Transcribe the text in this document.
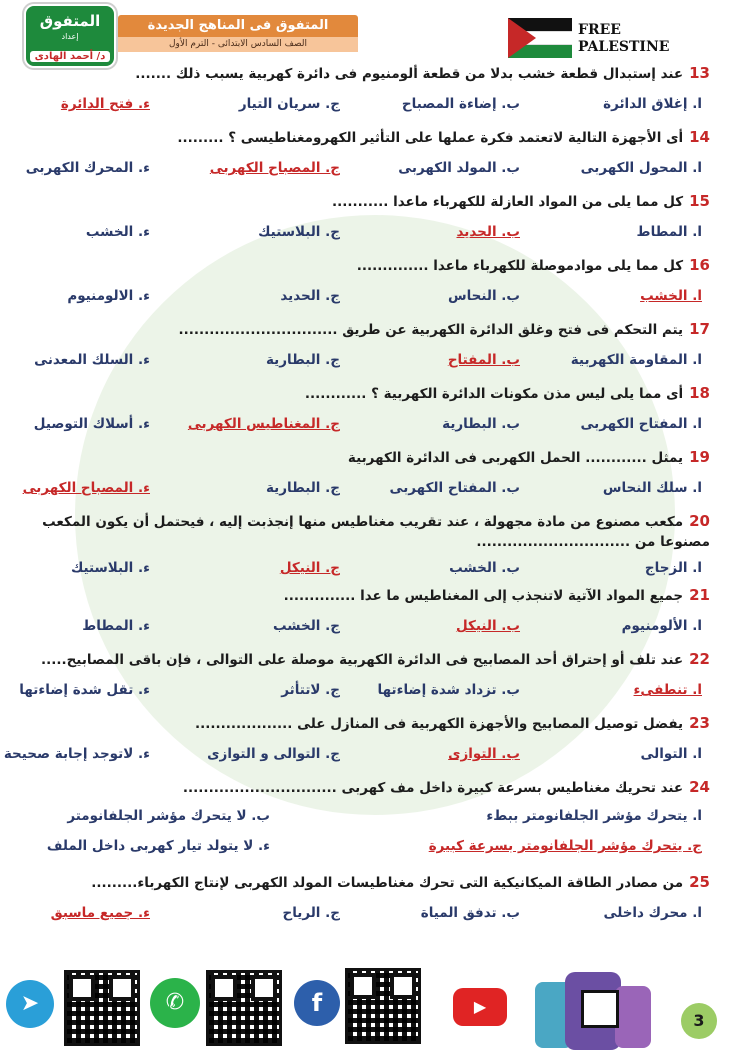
المتفوق
إعداد
د/ أحمد الهادى
المتفوق فى المناهج الجديدة
الصف السادس الابتدائى - الترم الأول
FREE
PALESTINE
13عند إستبدال قطعة خشب بدلا من قطعة ألومنيوم فى دائرة كهربية يسبب ذلك .......
ا. إغلاق الدائرة
ب. إضاءة المصباح
ج. سريان التيار
ء. فتح الدائرة
14أى الأجهزة التالية لاتعتمد فكرة عملها على التأثير الكهرومغناطيسى ؟ .........
ا. المحول الكهربى
ب. المولد الكهربى
ج. المصباح الكهربى
ء. المحرك الكهربى
15كل مما يلى من المواد العازلة للكهرباء ماعدا ...........
ا. المطاط
ب. الحديد
ج. البلاستيك
ء. الخشب
16كل مما يلى موادموصلة للكهرباء ماعدا ..............
ا. الخشب
ب. النحاس
ج. الحديد
ء. الالومنيوم
17يتم التحكم فى فتح وغلق الدائرة الكهربية عن طريق ...............................
ا. المقاومة الكهربية
ب. المفتاح
ج. البطارية
ء. السلك المعدنى
18أى مما يلى ليس مذن مكونات الدائرة الكهربية ؟ ............
ا. المفتاح الكهربى
ب. البطارية
ج. المغناطيس الكهربى
ء. أسلاك التوصيل
19يمثل ............ الحمل الكهربى فى الدائرة الكهربية
ا. سلك النحاس
ب. المفتاح الكهربى
ج. البطارية
ء. المصباح الكهربى
20مكعب مصنوع من مادة مجهولة ، عند تقريب مغناطيس منها إنجذبت إليه ، فيحتمل أن يكون المكعب
مصنوعا من ..............................
ا. الزجاج
ب. الخشب
ج. النيكل
ء. البلاستيك
21جميع المواد الآتية لاتنجذب إلى المغناطيس ما عدا ..............
ا. الألومنيوم
ب. النيكل
ج. الخشب
ء. المطاط
22عند تلف أو إحتراق أحد المصابيح فى الدائرة الكهربية موصلة على التوالى ، فإن باقى المصابيح.....
ا. تنطفىء
ب. تزداد شدة إضاءتها
ج. لاتتأثر
ء. تقل شدة إضاءتها
23يفضل توصيل المصابيح والأجهزة الكهربية فى المنازل على ...................
ا. التوالى
ب. التوازى
ج. التوالى و التوازى
ء. لاتوجد إجابة صحيحة
24عند تحريك مغناطيس بسرعة كبيرة داخل مف كهربى ..............................
ا. يتحرك مؤشر الجلفانومتر ببطء
ب. لا يتحرك مؤشر الجلفانومتر
ج. يتحرك مؤشر الجلفانومتر بسرعة كبيرة
ء. لا يتولد تيار كهربى داخل الملف
25من مصادر الطاقة الميكانيكية التى تحرك مغناطيسات المولد الكهربى لإنتاج الكهرباء.........
ا. محرك داخلى
ب. تدفق المياة
ج. الرياح
ء. جميع ماسبق
➤	✆	f	▶
3
